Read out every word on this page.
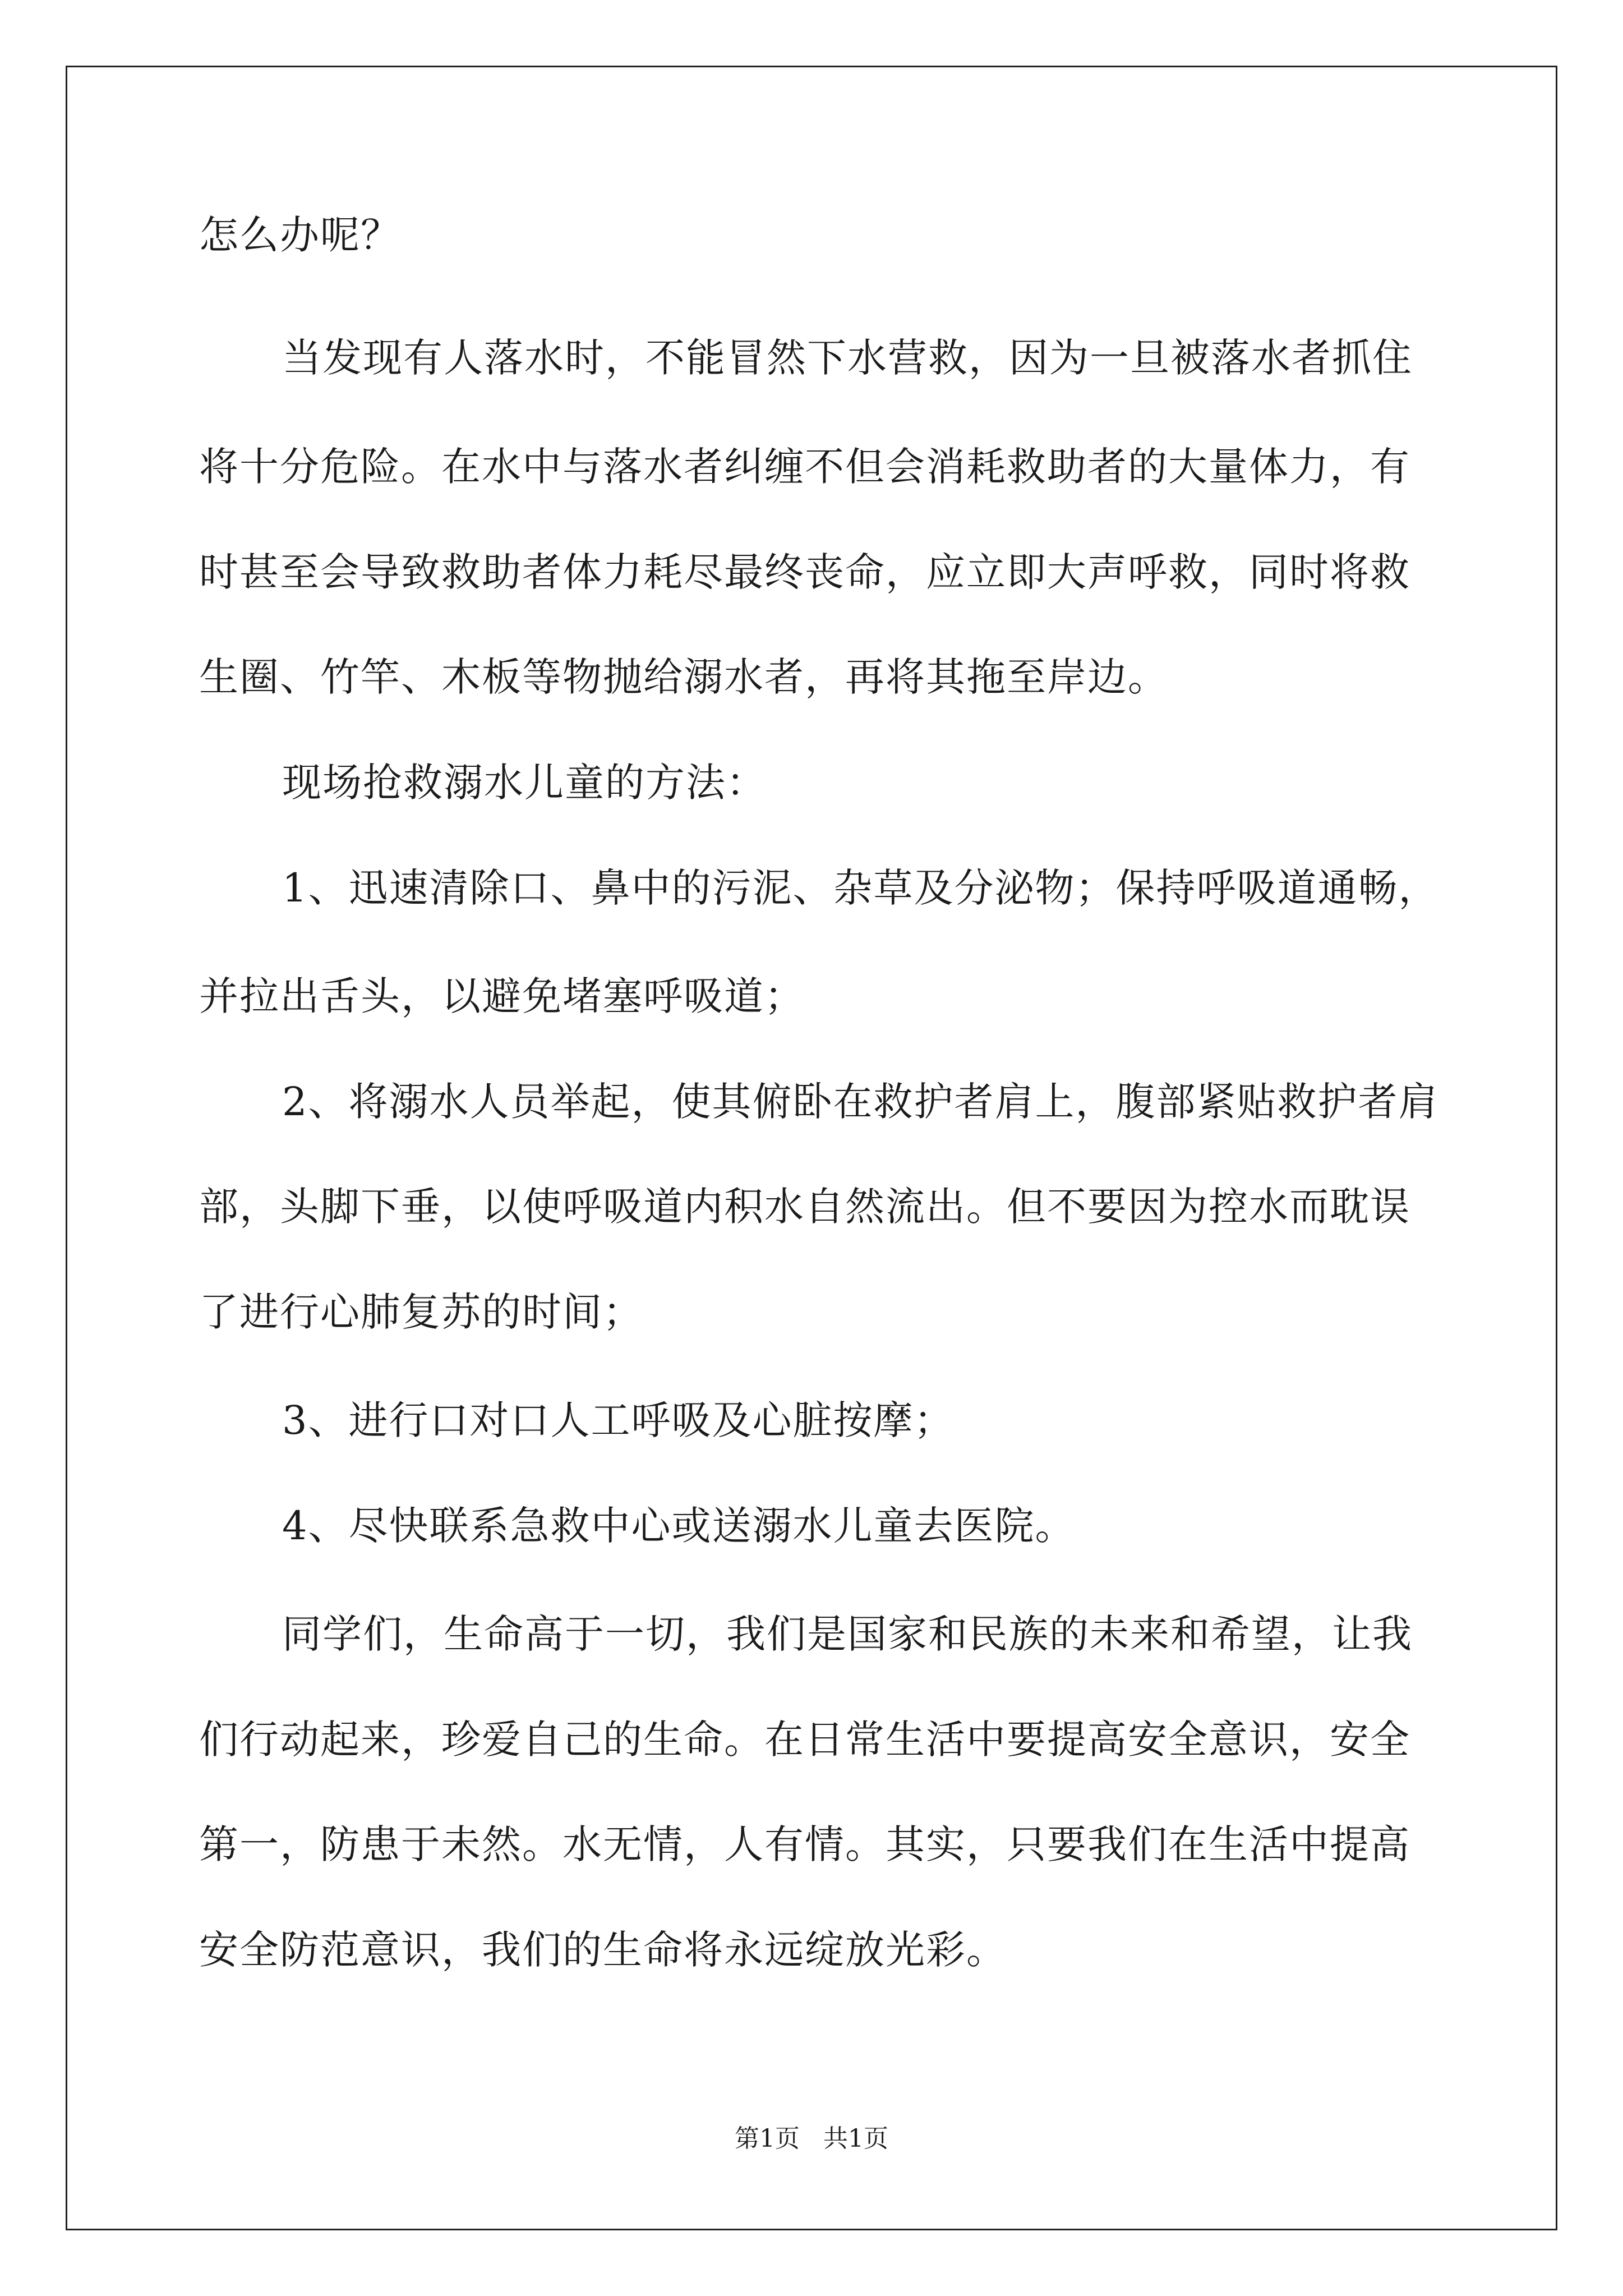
怎么办呢？
当发现有人落水时，不能冒然下水营救，因为一旦被落水者抓住
将十分危险。在水中与落水者纠缠不但会消耗救助者的大量体力，有
时甚至会导致救助者体力耗尽最终丧命，应立即大声呼救，同时将救
生圈、竹竿、木板等物抛给溺水者，再将其拖至岸边。
现场抢救溺水儿童的方法：
1、迅速清除口、鼻中的污泥、杂草及分泌物；保持呼吸道通畅，
并拉出舌头，以避免堵塞呼吸道；
2、将溺水人员举起，使其俯卧在救护者肩上，腹部紧贴救护者肩
部，头脚下垂，以使呼吸道内积水自然流出。但不要因为控水而耽误
了进行心肺复苏的时间；
3、进行口对口人工呼吸及心脏按摩；
4、尽快联系急救中心或送溺水儿童去医院。
同学们，生命高于一切，我们是国家和民族的未来和希望，让我
们行动起来，珍爱自己的生命。在日常生活中要提高安全意识，安全
第一，防患于未然。水无情，人有情。其实，只要我们在生活中提高
安全防范意识，我们的生命将永远绽放光彩。
第1页   共1页
